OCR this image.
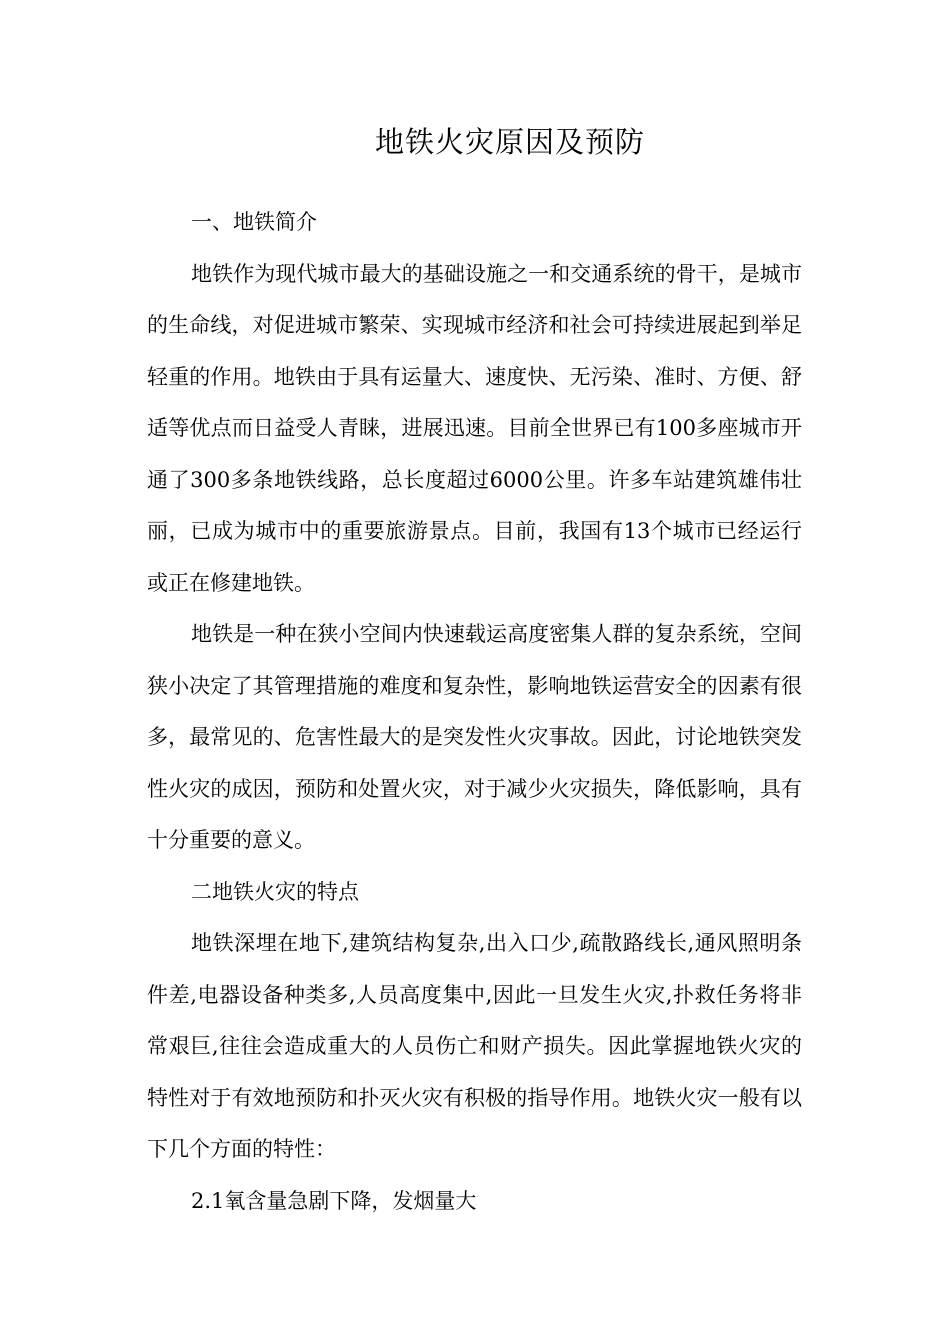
地铁火灾原因及预防

一、地铁简介

地铁作为现代城市最大的基础设施之一和交通系统的骨干，是城市的生命线，对促进城市繁荣、实现城市经济和社会可持续进展起到举足轻重的作用。地铁由于具有运量大、速度快、无污染、准时、方便、舒适等优点而日益受人青睐，进展迅速。目前全世界已有100多座城市开通了300多条地铁线路，总长度超过6000公里。许多车站建筑雄伟壮丽，已成为城市中的重要旅游景点。目前，我国有13个城市已经运行或正在修建地铁。

地铁是一种在狭小空间内快速载运高度密集人群的复杂系统，空间狭小决定了其管理措施的难度和复杂性，影响地铁运营安全的因素有很多，最常见的、危害性最大的是突发性火灾事故。因此，讨论地铁突发性火灾的成因，预防和处置火灾，对于减少火灾损失，降低影响，具有十分重要的意义。

二地铁火灾的特点

地铁深埋在地下,建筑结构复杂,出入口少,疏散路线长,通风照明条件差,电器设备种类多,人员高度集中,因此一旦发生火灾,扑救任务将非常艰巨,往往会造成重大的人员伤亡和财产损失。因此掌握地铁火灾的特性对于有效地预防和扑灭火灾有积极的指导作用。地铁火灾一般有以下几个方面的特性：

2.1氧含量急剧下降，发烟量大
